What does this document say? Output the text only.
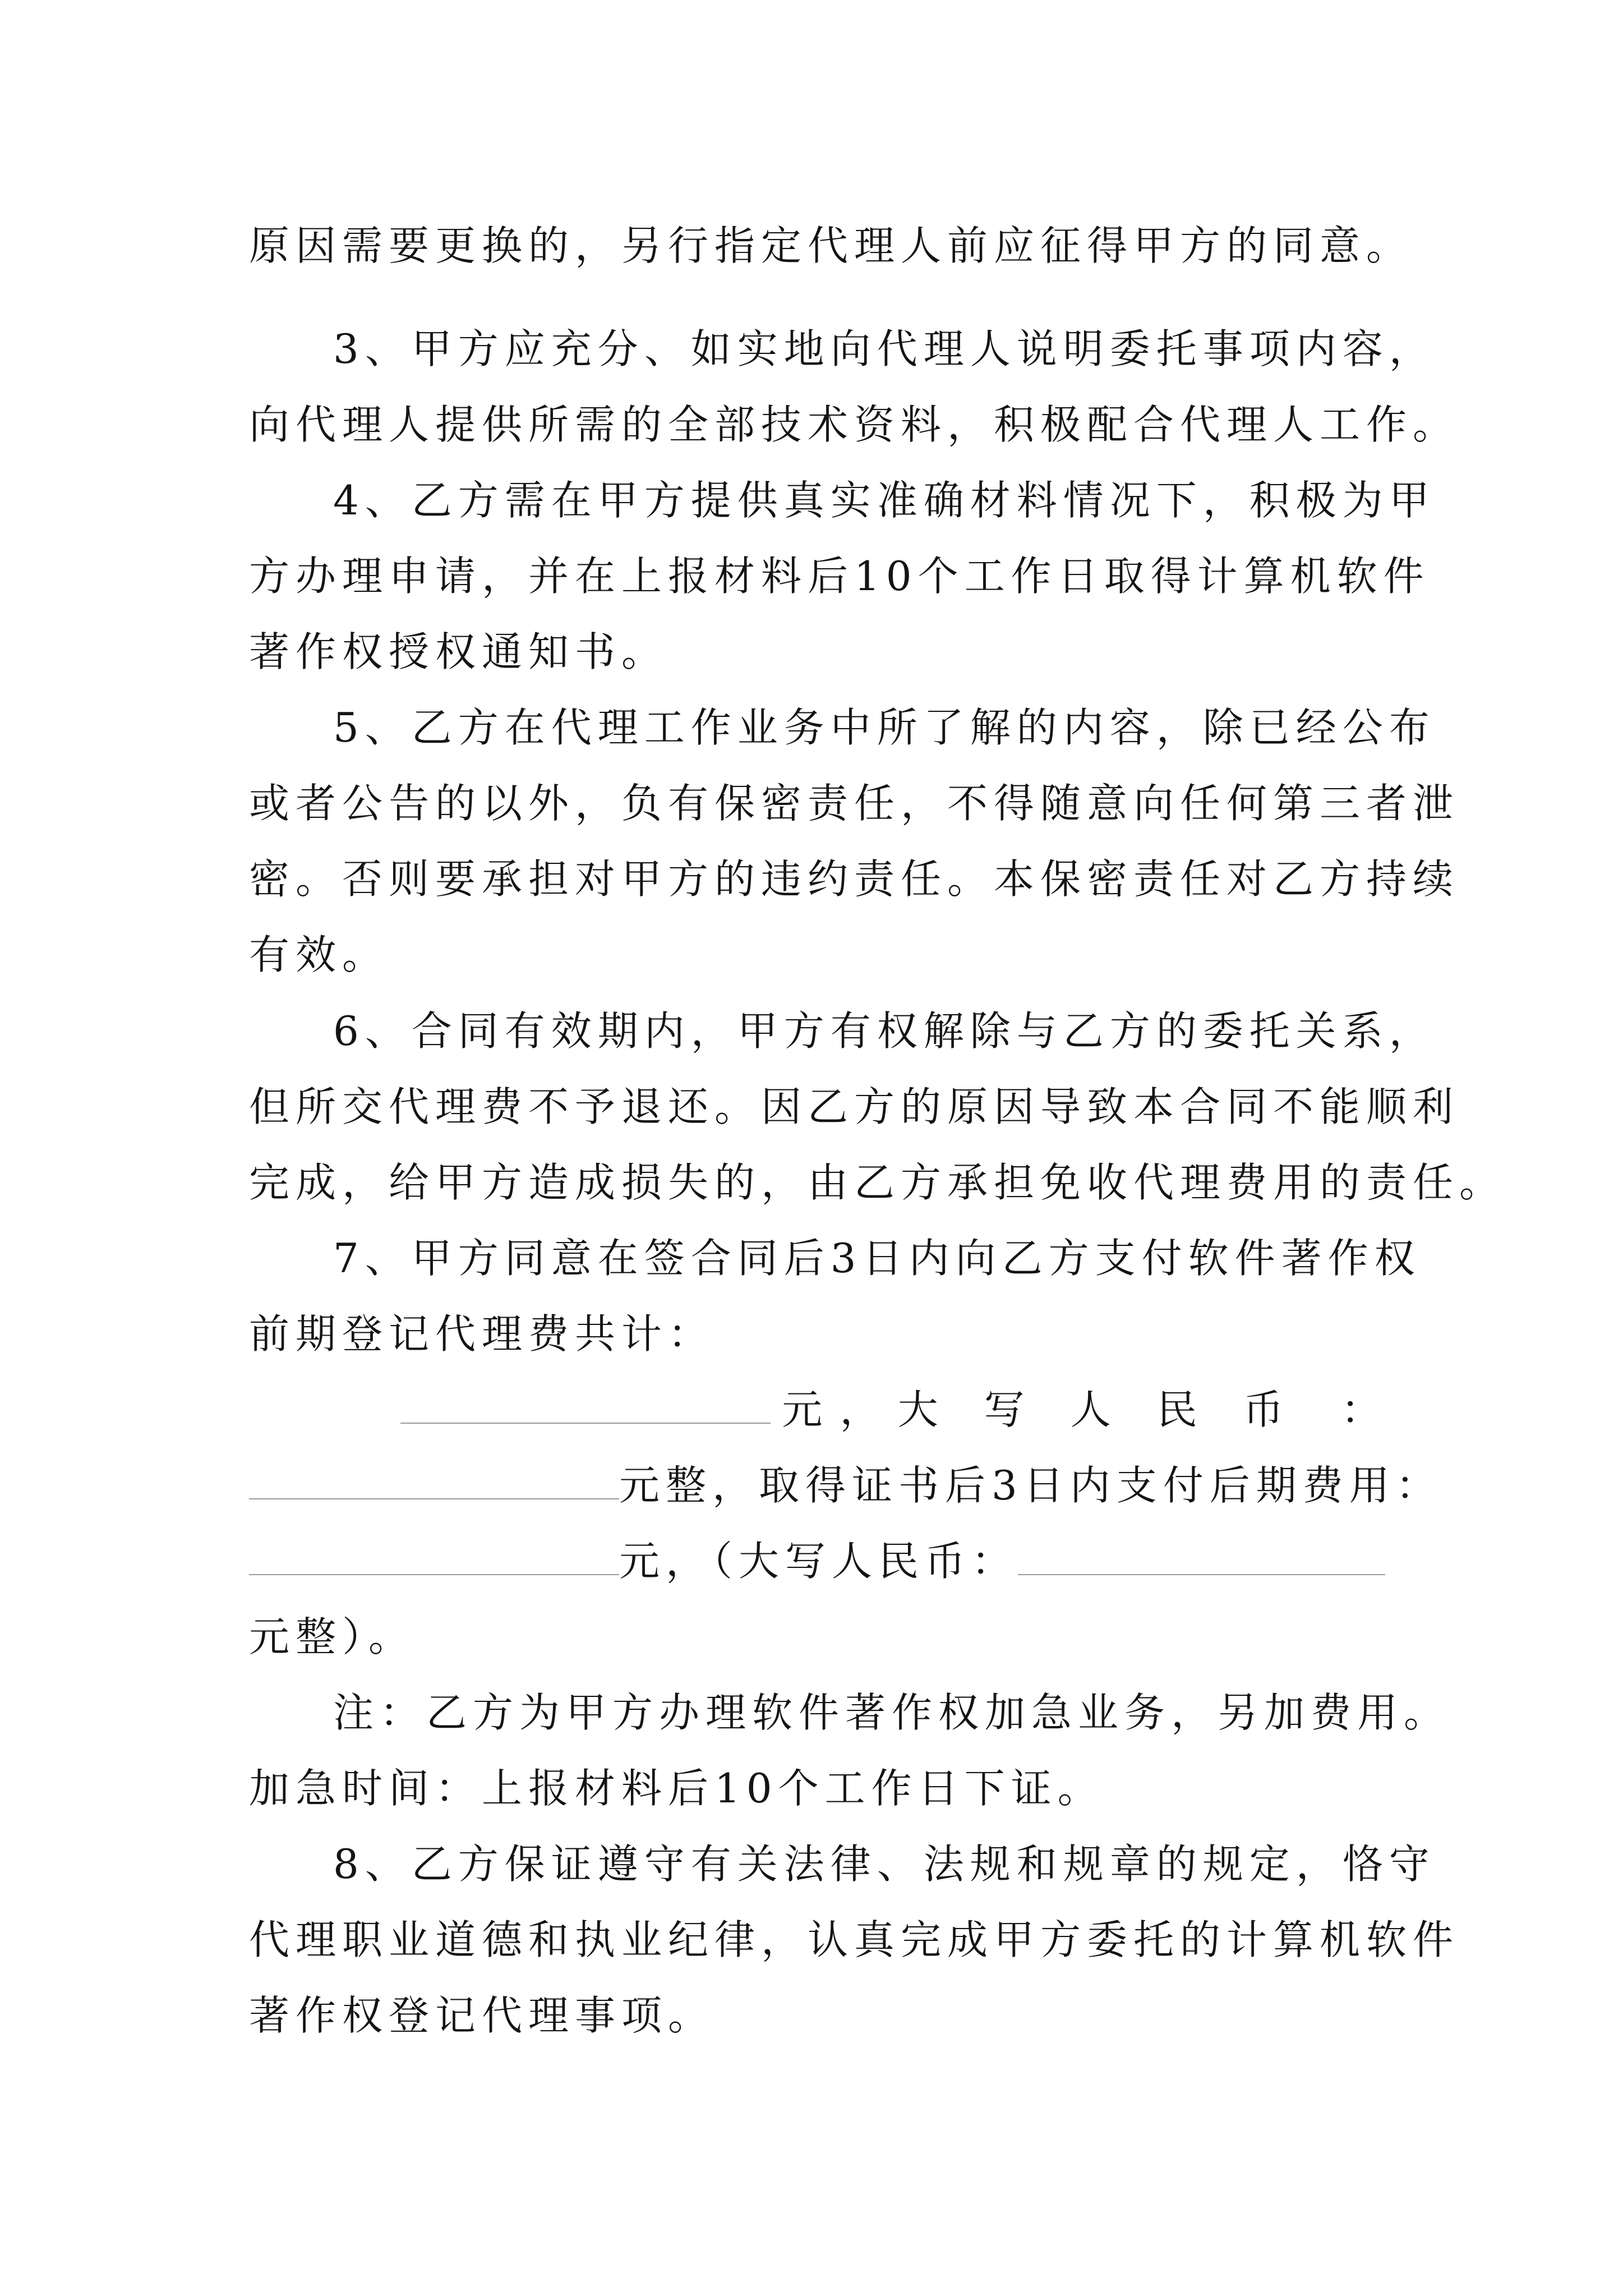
原因需要更换的，另行指定代理人前应征得甲方的同意。
3、甲方应充分、如实地向代理人说明委托事项内容，
向代理人提供所需的全部技术资料，积极配合代理人工作。
4、乙方需在甲方提供真实准确材料情况下，积极为甲
方办理申请，并在上报材料后10个工作日取得计算机软件
著作权授权通知书。
5、乙方在代理工作业务中所了解的内容，除已经公布
或者公告的以外，负有保密责任，不得随意向任何第三者泄
密。否则要承担对甲方的违约责任。本保密责任对乙方持续
有效。
6、合同有效期内，甲方有权解除与乙方的委托关系，
但所交代理费不予退还。因乙方的原因导致本合同不能顺利
完成，给甲方造成损失的，由乙方承担免收代理费用的责任。
7、甲方同意在签合同后3日内向乙方支付软件著作权
前期登记代理费共计：
元 ， 大写人民币 ：
元整，取得证书后3日内支付后期费用：
元，（大写人民币：
元整）。
注：乙方为甲方办理软件著作权加急业务，另加费用。
加急时间：上报材料后10个工作日下证。
8、乙方保证遵守有关法律、法规和规章的规定，恪守
代理职业道德和执业纪律，认真完成甲方委托的计算机软件
著作权登记代理事项。
